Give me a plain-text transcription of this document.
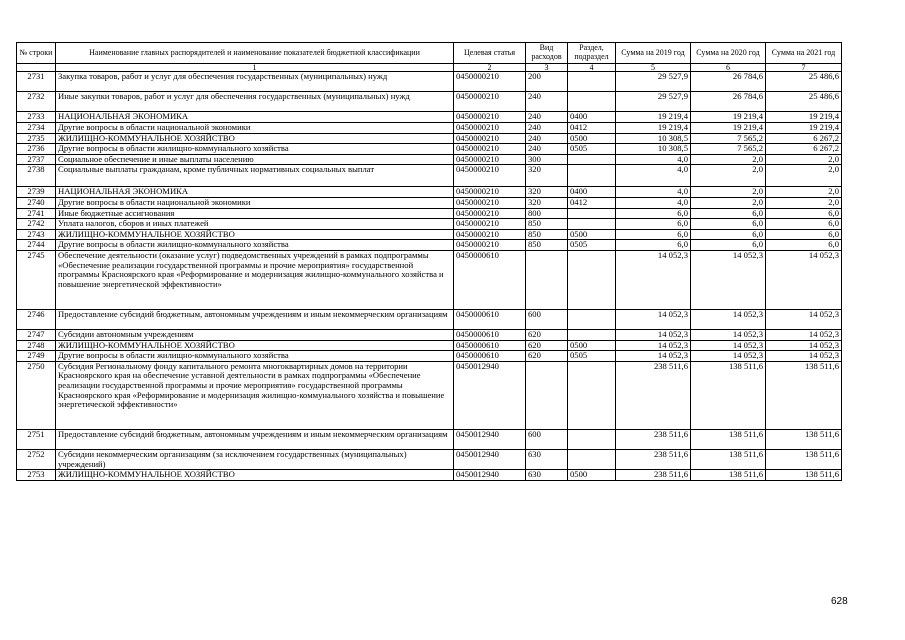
№ строки	Наименование главных распорядителей и наименование показателей бюджетной классификации	Целевая статья	Вид расходов	Раздел, подраздел	Сумма на 2019 год	Сумма на 2020 год	Сумма на 2021 год
	1	2	3	4	5	6	7
2731	Закупка товаров, работ и услуг для обеспечения государственных (муниципальных) нужд	0450000210	200		29 527,9	26 784,6	25 486,6
2732	Иные закупки товаров, работ и услуг для обеспечения государственных (муниципальных) нужд	0450000210	240		29 527,9	26 784,6	25 486,6
2733	НАЦИОНАЛЬНАЯ ЭКОНОМИКА	0450000210	240	0400	19 219,4	19 219,4	19 219,4
2734	Другие вопросы в области национальной экономики	0450000210	240	0412	19 219,4	19 219,4	19 219,4
2735	ЖИЛИЩНО-КОММУНАЛЬНОЕ ХОЗЯЙСТВО	0450000210	240	0500	10 308,5	7 565,2	6 267,2
2736	Другие вопросы в области жилищно-коммунального хозяйства	0450000210	240	0505	10 308,5	7 565,2	6 267,2
2737	Социальное обеспечение и иные выплаты населению	0450000210	300		4,0	2,0	2,0
2738	Социальные выплаты гражданам, кроме публичных нормативных социальных выплат	0450000210	320		4,0	2,0	2,0
2739	НАЦИОНАЛЬНАЯ ЭКОНОМИКА	0450000210	320	0400	4,0	2,0	2,0
2740	Другие вопросы в области национальной экономики	0450000210	320	0412	4,0	2,0	2,0
2741	Иные бюджетные ассигнования	0450000210	800		6,0	6,0	6,0
2742	Уплата налогов, сборов и иных платежей	0450000210	850		6,0	6,0	6,0
2743	ЖИЛИЩНО-КОММУНАЛЬНОЕ ХОЗЯЙСТВО	0450000210	850	0500	6,0	6,0	6,0
2744	Другие вопросы в области жилищно-коммунального хозяйства	0450000210	850	0505	6,0	6,0	6,0
2745	Обеспечение деятельности (оказание услуг) подведомственных учреждений в рамках подпрограммы «Обеспечение реализации государственной программы и прочие мероприятия» государственной программы Красноярского края «Реформирование и модернизация жилищно-коммунального хозяйства и повышение энергетической эффективности»	0450000610			14 052,3	14 052,3	14 052,3
2746	Предоставление субсидий бюджетным, автономным учреждениям и иным некоммерческим организациям	0450000610	600		14 052,3	14 052,3	14 052,3
2747	Субсидии автономным учреждениям	0450000610	620		14 052,3	14 052,3	14 052,3
2748	ЖИЛИЩНО-КОММУНАЛЬНОЕ ХОЗЯЙСТВО	0450000610	620	0500	14 052,3	14 052,3	14 052,3
2749	Другие вопросы в области жилищно-коммунального хозяйства	0450000610	620	0505	14 052,3	14 052,3	14 052,3
2750	Субсидия Региональному фонду капитального ремонта многоквартирных домов на территории Красноярского края на обеспечение уставной деятельности в рамках подпрограммы «Обеспечение реализации государственной программы и прочие мероприятия» государственной программы Красноярского края «Реформирование и модернизация жилищно-коммунального хозяйства и повышение энергетической эффективности»	0450012940			238 511,6	138 511,6	138 511,6
2751	Предоставление субсидий бюджетным, автономным учреждениям и иным некоммерческим организациям	0450012940	600		238 511,6	138 511,6	138 511,6
2752	Субсидии некоммерческим организациям (за исключением государственных (муниципальных) учреждений)	0450012940	630		238 511,6	138 511,6	138 511,6
2753	ЖИЛИЩНО-КОММУНАЛЬНОЕ ХОЗЯЙСТВО	0450012940	630	0500	238 511,6	138 511,6	138 511,6
628
